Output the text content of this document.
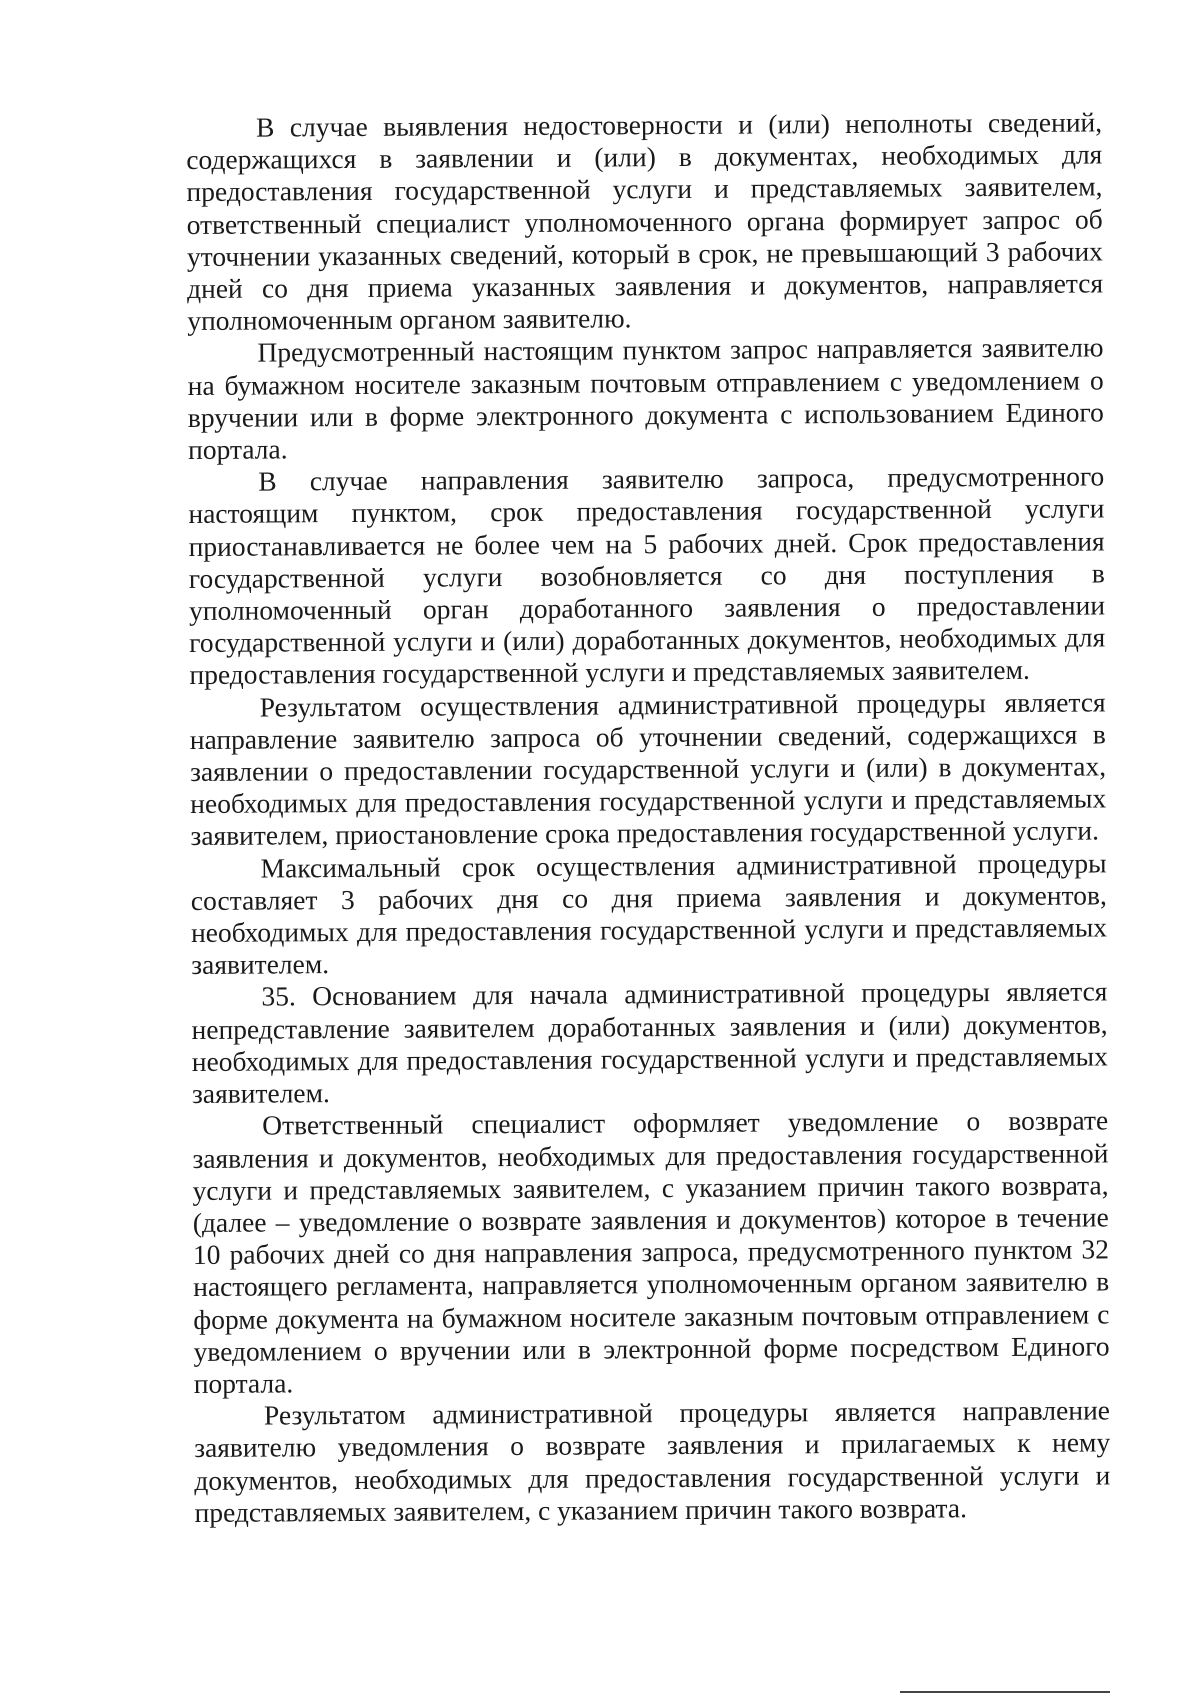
В случае выявления недостоверности и (или) неполноты сведений, содержащихся в заявлении и (или) в документах, необходимых для предоставления государственной услуги и представляемых заявителем, ответственный специалист уполномоченного органа формирует запрос об уточнении указанных сведений, который в срок, не превышающий 3 рабочих дней со дня приема указанных заявления и документов, направляется уполномоченным органом заявителю.

Предусмотренный настоящим пунктом запрос направляется заявителю на бумажном носителе заказным почтовым отправлением с уведомлением о вручении или в форме электронного документа с использованием Единого портала.

В случае направления заявителю запроса, предусмотренного настоящим пунктом, срок предоставления государственной услуги приостанавливается не более чем на 5 рабочих дней. Срок предоставления государственной услуги возобновляется со дня поступления в уполномоченный орган доработанного заявления о предоставлении государственной услуги и (или) доработанных документов, необходимых для предоставления государственной услуги и представляемых заявителем.

Результатом осуществления административной процедуры является направление заявителю запроса об уточнении сведений, содержащихся в заявлении о предоставлении государственной услуги и (или) в документах, необходимых для предоставления государственной услуги и представляемых заявителем, приостановление срока предоставления государственной услуги.

Максимальный срок осуществления административной процедуры составляет 3 рабочих дня со дня приема заявления и документов, необходимых для предоставления государственной услуги и представляемых заявителем.

35. Основанием для начала административной процедуры является непредставление заявителем доработанных заявления и (или) документов, необходимых для предоставления государственной услуги и представляемых заявителем.

Ответственный специалист оформляет уведомление о возврате заявления и документов, необходимых для предоставления государственной услуги и представляемых заявителем, с указанием причин такого возврата, (далее – уведомление о возврате заявления и документов) которое в течение 10 рабочих дней со дня направления запроса, предусмотренного пунктом 32 настоящего регламента, направляется уполномоченным органом заявителю в форме документа на бумажном носителе заказным почтовым отправлением с уведомлением о вручении или в электронной форме посредством Единого портала.

Результатом административной процедуры является направление заявителю уведомления о возврате заявления и прилагаемых к нему документов, необходимых для предоставления государственной услуги и представляемых заявителем, с указанием причин такого возврата.
